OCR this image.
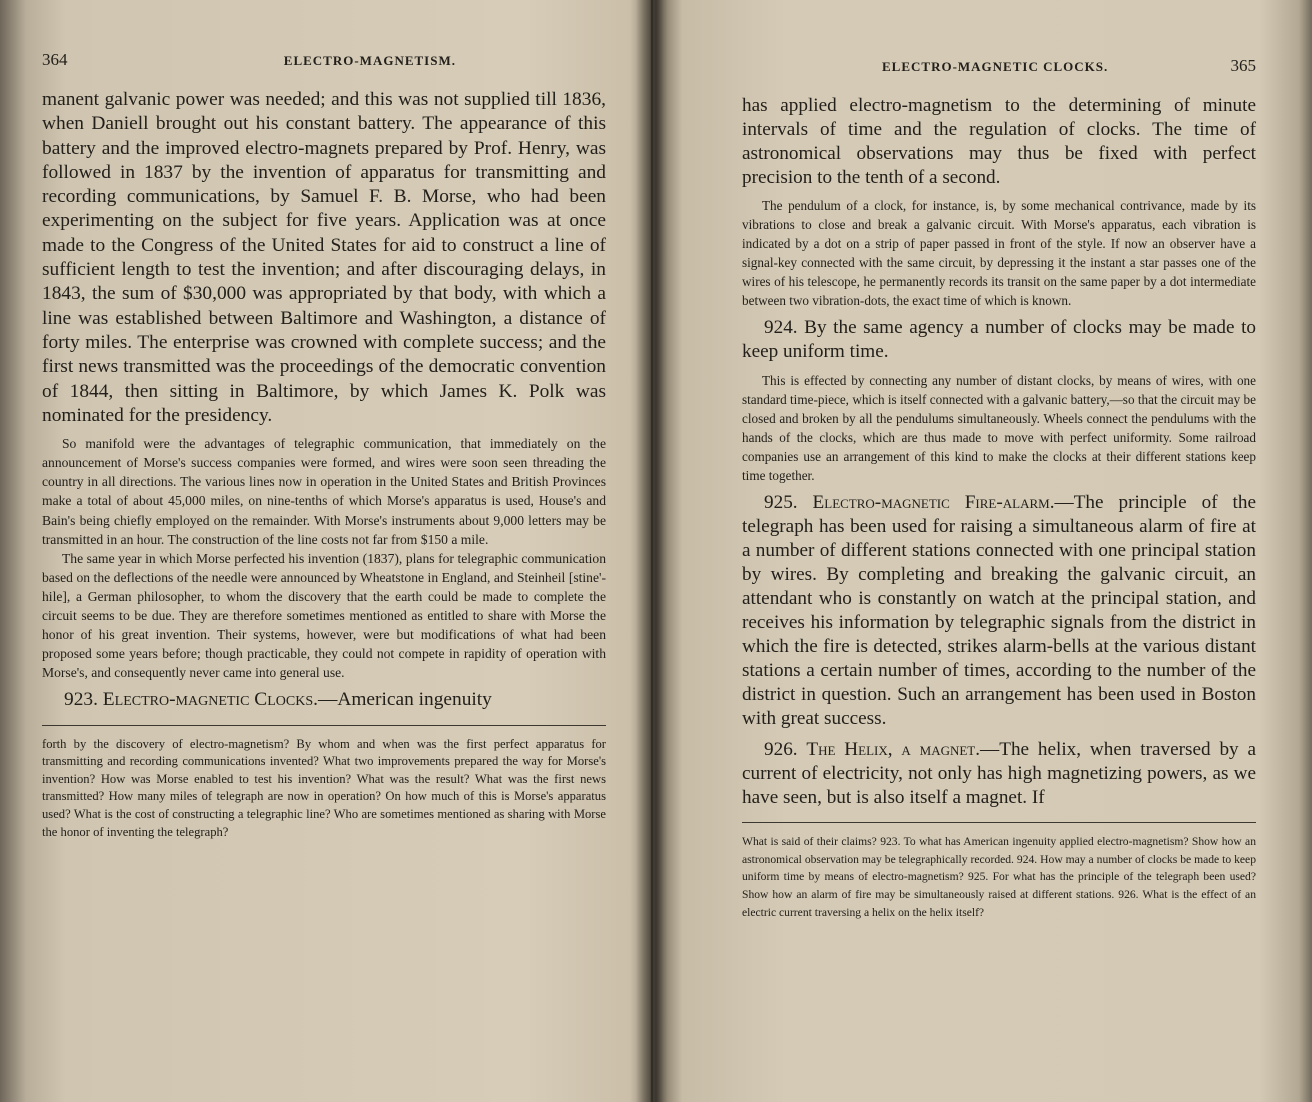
364	ELECTRO-MAGNETISM.

manent galvanic power was needed; and this was not supplied till 1836, when Daniell brought out his constant battery. The appearance of this battery and the improved electro-magnets prepared by Prof. Henry, was followed in 1837 by the invention of apparatus for transmitting and recording communications, by Samuel F. B. Morse, who had been experimenting on the subject for five years. Application was at once made to the Congress of the United States for aid to construct a line of sufficient length to test the invention; and after discouraging delays, in 1843, the sum of $30,000 was appropriated by that body, with which a line was established between Baltimore and Washington, a distance of forty miles. The enterprise was crowned with complete success; and the first news transmitted was the proceedings of the democratic convention of 1844, then sitting in Baltimore, by which James K. Polk was nominated for the presidency.

So manifold were the advantages of telegraphic communication, that immediately on the announcement of Morse's success companies were formed, and wires were soon seen threading the country in all directions. The various lines now in operation in the United States and British Provinces make a total of about 45,000 miles, on nine-tenths of which Morse's apparatus is used, House's and Bain's being chiefly employed on the remainder. With Morse's instruments about 9,000 letters may be transmitted in an hour. The construction of the line costs not far from $150 a mile.

The same year in which Morse perfected his invention (1837), plans for telegraphic communication based on the deflections of the needle were announced by Wheatstone in England, and Steinheil [stine'-hile], a German philosopher, to whom the discovery that the earth could be made to complete the circuit seems to be due. They are therefore sometimes mentioned as entitled to share with Morse the honor of his great invention. Their systems, however, were but modifications of what had been proposed some years before; though practicable, they could not compete in rapidity of operation with Morse's, and consequently never came into general use.

923. Electro-magnetic Clocks.—American ingenuity

forth by the discovery of electro-magnetism? By whom and when was the first perfect apparatus for transmitting and recording communications invented? What two improvements prepared the way for Morse's invention? How was Morse enabled to test his invention? What was the result? What was the first news transmitted? How many miles of telegraph are now in operation? On how much of this is Morse's apparatus used? What is the cost of constructing a telegraphic line? Who are sometimes mentioned as sharing with Morse the honor of inventing the telegraph?

ELECTRO-MAGNETIC CLOCKS.	365

has applied electro-magnetism to the determining of minute intervals of time and the regulation of clocks. The time of astronomical observations may thus be fixed with perfect precision to the tenth of a second.

The pendulum of a clock, for instance, is, by some mechanical contrivance, made by its vibrations to close and break a galvanic circuit. With Morse's apparatus, each vibration is indicated by a dot on a strip of paper passed in front of the style. If now an observer have a signal-key connected with the same circuit, by depressing it the instant a star passes one of the wires of his telescope, he permanently records its transit on the same paper by a dot intermediate between two vibration-dots, the exact time of which is known.

924. By the same agency a number of clocks may be made to keep uniform time.

This is effected by connecting any number of distant clocks, by means of wires, with one standard time-piece, which is itself connected with a galvanic battery,—so that the circuit may be closed and broken by all the pendulums simultaneously. Wheels connect the pendulums with the hands of the clocks, which are thus made to move with perfect uniformity. Some railroad companies use an arrangement of this kind to make the clocks at their different stations keep time together.

925. Electro-magnetic Fire-alarm.—The principle of the telegraph has been used for raising a simultaneous alarm of fire at a number of different stations connected with one principal station by wires. By completing and breaking the galvanic circuit, an attendant who is constantly on watch at the principal station, and receives his information by telegraphic signals from the district in which the fire is detected, strikes alarm-bells at the various distant stations a certain number of times, according to the number of the district in question. Such an arrangement has been used in Boston with great success.

926. The Helix, a magnet.—The helix, when traversed by a current of electricity, not only has high magnetizing powers, as we have seen, but is also itself a magnet. If

What is said of their claims? 923. To what has American ingenuity applied electro-magnetism? Show how an astronomical observation may be telegraphically recorded. 924. How may a number of clocks be made to keep uniform time by means of electro-magnetism? 925. For what has the principle of the telegraph been used? Show how an alarm of fire may be simultaneously raised at different stations. 926. What is the effect of an electric current traversing a helix on the helix itself?
